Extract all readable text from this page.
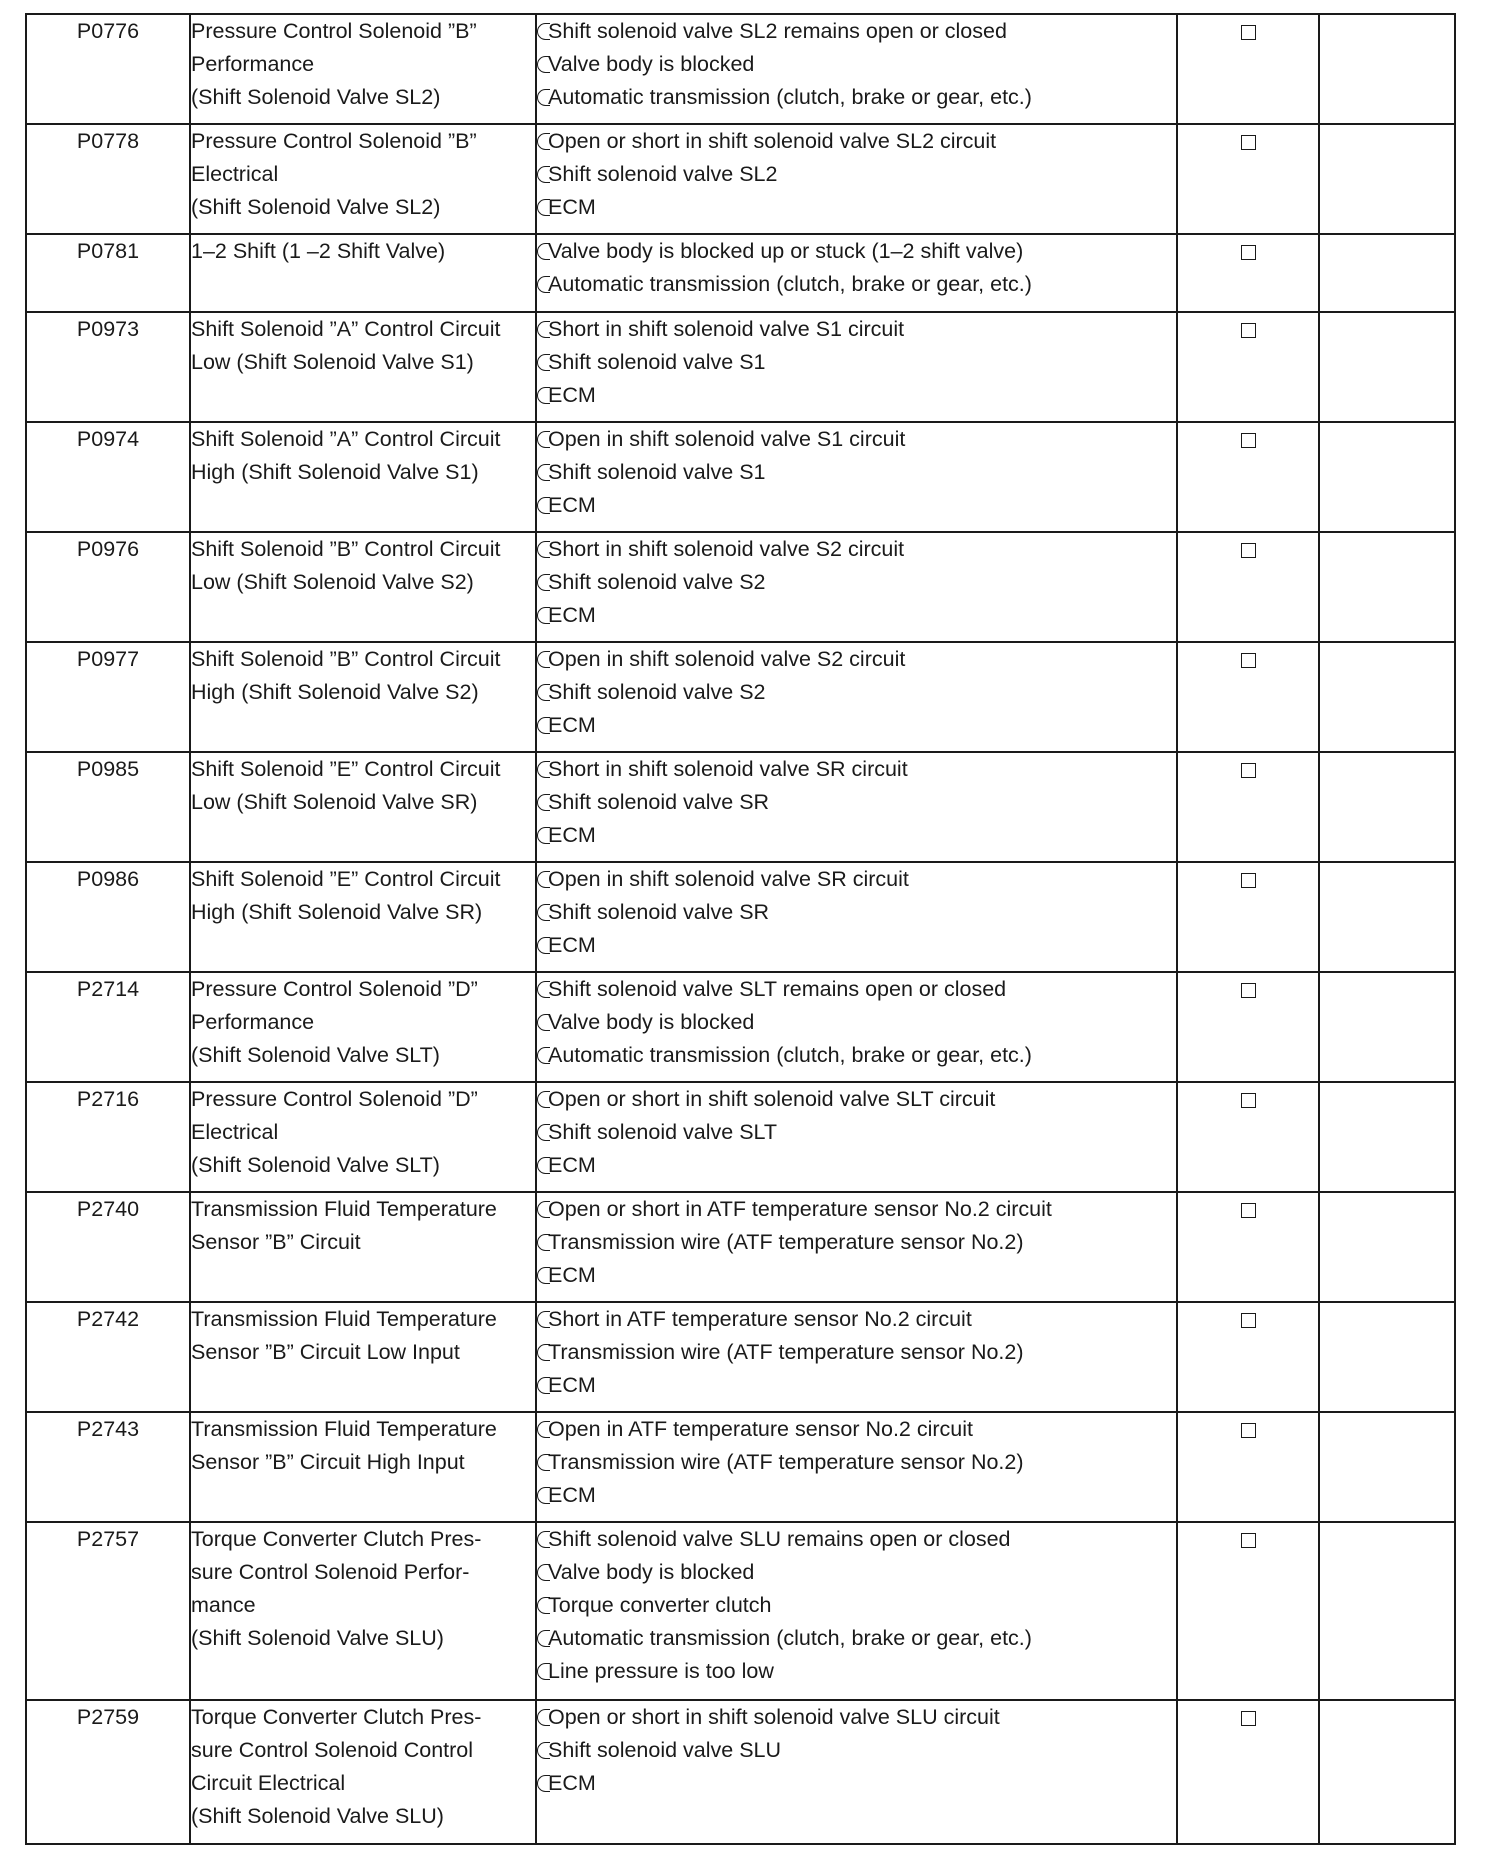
P0776	Pressure Control Solenoid ”B”
Performance
(Shift Solenoid Valve SL2)	Shift solenoid valve SL2 remains open or closed
Valve body is blocked
Automatic transmission (clutch, brake or gear, etc.)		

P0778	Pressure Control Solenoid ”B”
Electrical
(Shift Solenoid Valve SL2)	Open or short in shift solenoid valve SL2 circuit
Shift solenoid valve SL2
ECM		

P0781	1–2 Shift (1 –2 Shift Valve)	Valve body is blocked up or stuck (1–2 shift valve)
Automatic transmission (clutch, brake or gear, etc.)		

P0973	Shift Solenoid ”A” Control Circuit
Low (Shift Solenoid Valve S1)	Short in shift solenoid valve S1 circuit
Shift solenoid valve S1
ECM		

P0974	Shift Solenoid ”A” Control Circuit
High (Shift Solenoid Valve S1)	Open in shift solenoid valve S1 circuit
Shift solenoid valve S1
ECM		

P0976	Shift Solenoid ”B” Control Circuit
Low (Shift Solenoid Valve S2)	Short in shift solenoid valve S2 circuit
Shift solenoid valve S2
ECM		

P0977	Shift Solenoid ”B” Control Circuit
High (Shift Solenoid Valve S2)	Open in shift solenoid valve S2 circuit
Shift solenoid valve S2
ECM		

P0985	Shift Solenoid ”E” Control Circuit
Low (Shift Solenoid Valve SR)	Short in shift solenoid valve SR circuit
Shift solenoid valve SR
ECM		

P0986	Shift Solenoid ”E” Control Circuit
High (Shift Solenoid Valve SR)	Open in shift solenoid valve SR circuit
Shift solenoid valve SR
ECM		

P2714	Pressure Control Solenoid ”D”
Performance
(Shift Solenoid Valve SLT)	Shift solenoid valve SLT remains open or closed
Valve body is blocked
Automatic transmission (clutch, brake or gear, etc.)		

P2716	Pressure Control Solenoid ”D”
Electrical
(Shift Solenoid Valve SLT)	Open or short in shift solenoid valve SLT circuit
Shift solenoid valve SLT
ECM		

P2740	Transmission Fluid Temperature
Sensor ”B” Circuit	Open or short in ATF temperature sensor No.2 circuit
Transmission wire (ATF temperature sensor No.2)
ECM		

P2742	Transmission Fluid Temperature
Sensor ”B” Circuit Low Input	Short in ATF temperature sensor No.2 circuit
Transmission wire (ATF temperature sensor No.2)
ECM		

P2743	Transmission Fluid Temperature
Sensor ”B” Circuit High Input	Open in ATF temperature sensor No.2 circuit
Transmission wire (ATF temperature sensor No.2)
ECM		

P2757	Torque Converter Clutch Pres-
sure Control Solenoid Perfor-
mance
(Shift Solenoid Valve SLU)	Shift solenoid valve SLU remains open or closed
Valve body is blocked
Torque converter clutch
Automatic transmission (clutch, brake or gear, etc.)
Line pressure is too low		

P2759	Torque Converter Clutch Pres-
sure Control Solenoid Control
Circuit Electrical
(Shift Solenoid Valve SLU)	Open or short in shift solenoid valve SLU circuit
Shift solenoid valve SLU
ECM		
